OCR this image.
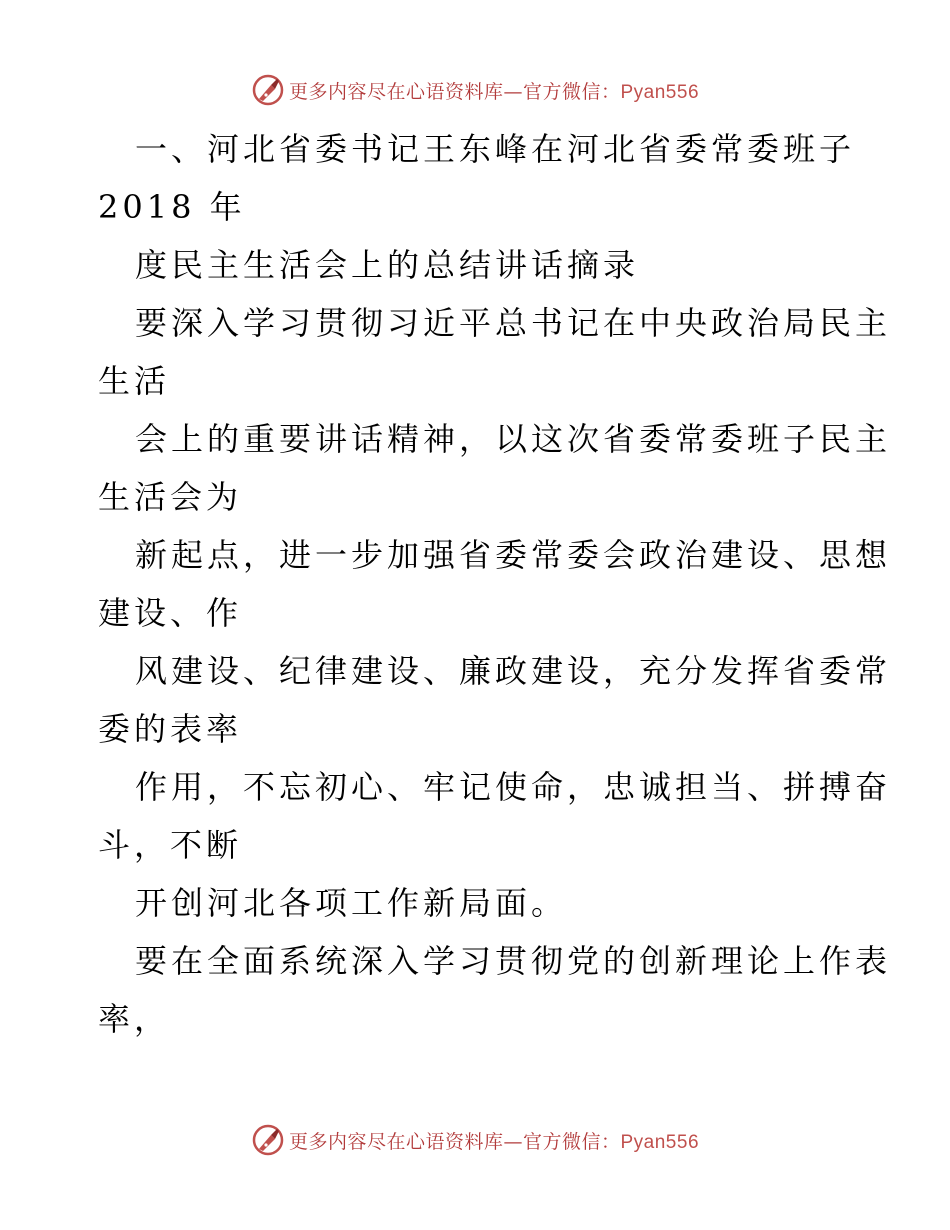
更多内容尽在心语资料库—官方微信：Pyan556
一、河北省委书记王东峰在河北省委常委班子
2018 年
度民主生活会上的总结讲话摘录
要深入学习贯彻习近平总书记在中央政治局民主
生活
会上的重要讲话精神，以这次省委常委班子民主
生活会为
新起点，进一步加强省委常委会政治建设、思想
建设、作
风建设、纪律建设、廉政建设，充分发挥省委常
委的表率
作用，不忘初心、牢记使命，忠诚担当、拼搏奋
斗，不断
开创河北各项工作新局面。
要在全面系统深入学习贯彻党的创新理论上作表
率，
更多内容尽在心语资料库—官方微信：Pyan556
